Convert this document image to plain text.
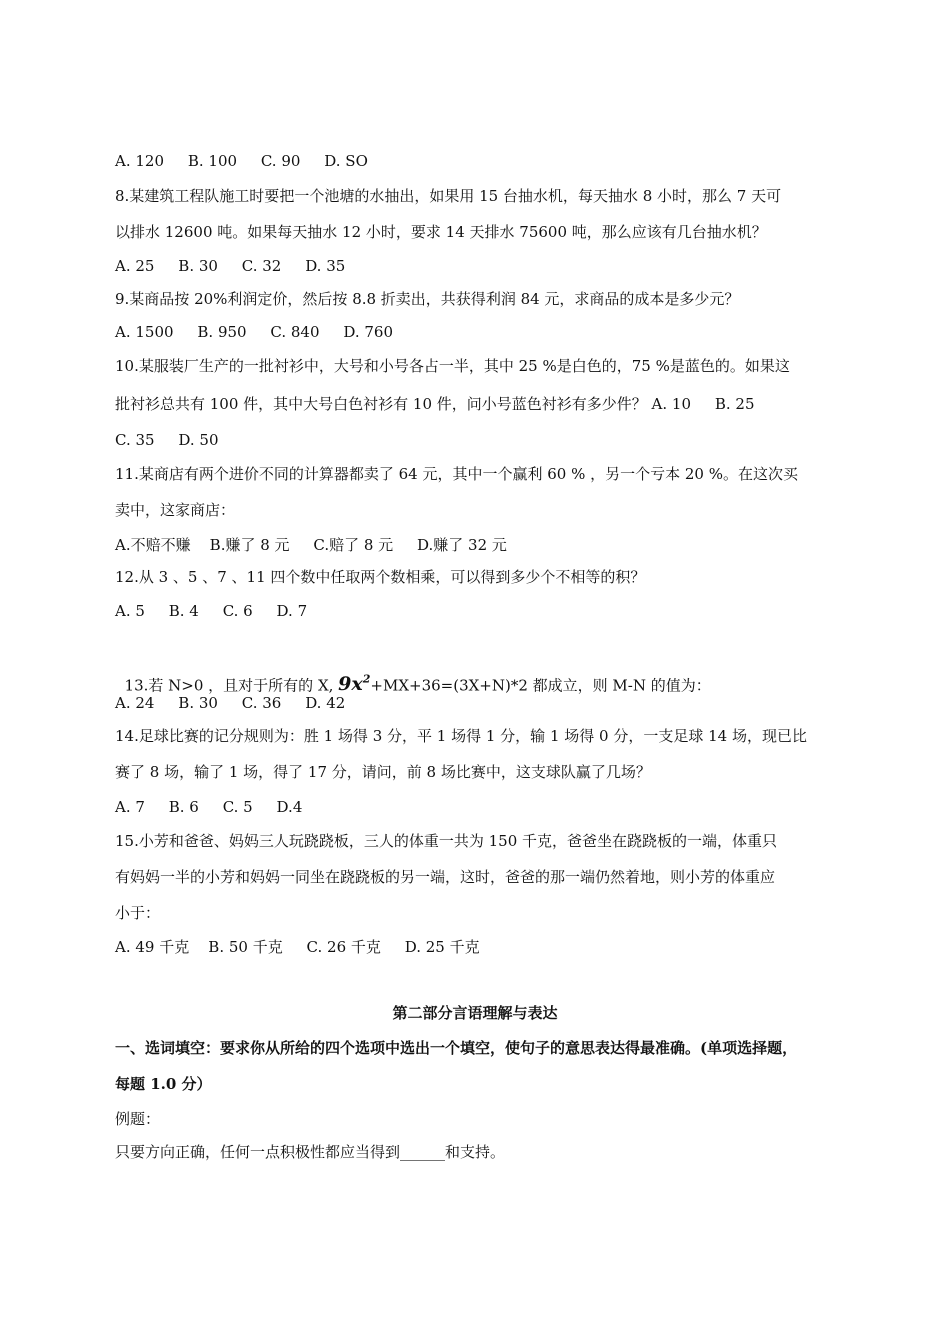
A. 120     B. 100     C. 90     D. SO
8.某建筑工程队施工时要把一个池塘的水抽出，如果用 15 台抽水机，每天抽水 8 小时，那么 7 天可
以排水 12600 吨。如果每天抽水 12 小时，要求 14 天排水 75600 吨，那么应该有几台抽水机？
A. 25     B. 30     C. 32     D. 35
9.某商品按 20%利润定价，然后按 8.8 折卖出，共获得利润 84 元，求商品的成本是多少元？
A. 1500     B. 950     C. 840     D. 760
10.某服装厂生产的一批衬衫中，大号和小号各占一半，其中 25 %是白色的，75 %是蓝色的。如果这
批衬衫总共有 100 件，其中大号白色衬衫有 10 件，问小号蓝色衬衫有多少件？ A. 10     B. 25
C. 35     D. 50
11.某商店有两个进价不同的计算器都卖了 64 元，其中一个赢利 60 % ，另一个亏本 20 %。在这次买
卖中，这家商店：
A.不赔不赚    B.赚了 8 元     C.赔了 8 元     D.赚了 32 元
12.从 3 、5 、7 、11 四个数中任取两个数相乘，可以得到多少个不相等的积？
A. 5     B. 4     C. 6     D. 7

13.若 N>0 ，且对于所有的 X, $9x^2+MX+36=(3X+N)*2$ 都成立，则 M-N 的值为：

A. 24     B. 30     C. 36     D. 42
14.足球比赛的记分规则为：胜 1 场得 3 分，平 1 场得 1 分，输 1 场得 0 分，一支足球 14 场，现已比
赛了 8 场，输了 1 场，得了 17 分，请问，前 8 场比赛中，这支球队赢了几场？
A. 7     B. 6     C. 5     D.4
15.小芳和爸爸、妈妈三人玩跷跷板，三人的体重一共为 150 千克，爸爸坐在跷跷板的一端，体重只
有妈妈一半的小芳和妈妈一同坐在跷跷板的另一端，这时，爸爸的那一端仍然着地，则小芳的体重应
小于：
A. 49 千克    B. 50 千克     C. 26 千克     D. 25 千克
第二部分言语理解与表达
一、选词填空：要求你从所给的四个选项中选出一个填空，使句子的意思表达得最准确。(单项选择题，
每题 1.0 分）
例题：
只要方向正确，任何一点积极性都应当得到______和支持。
